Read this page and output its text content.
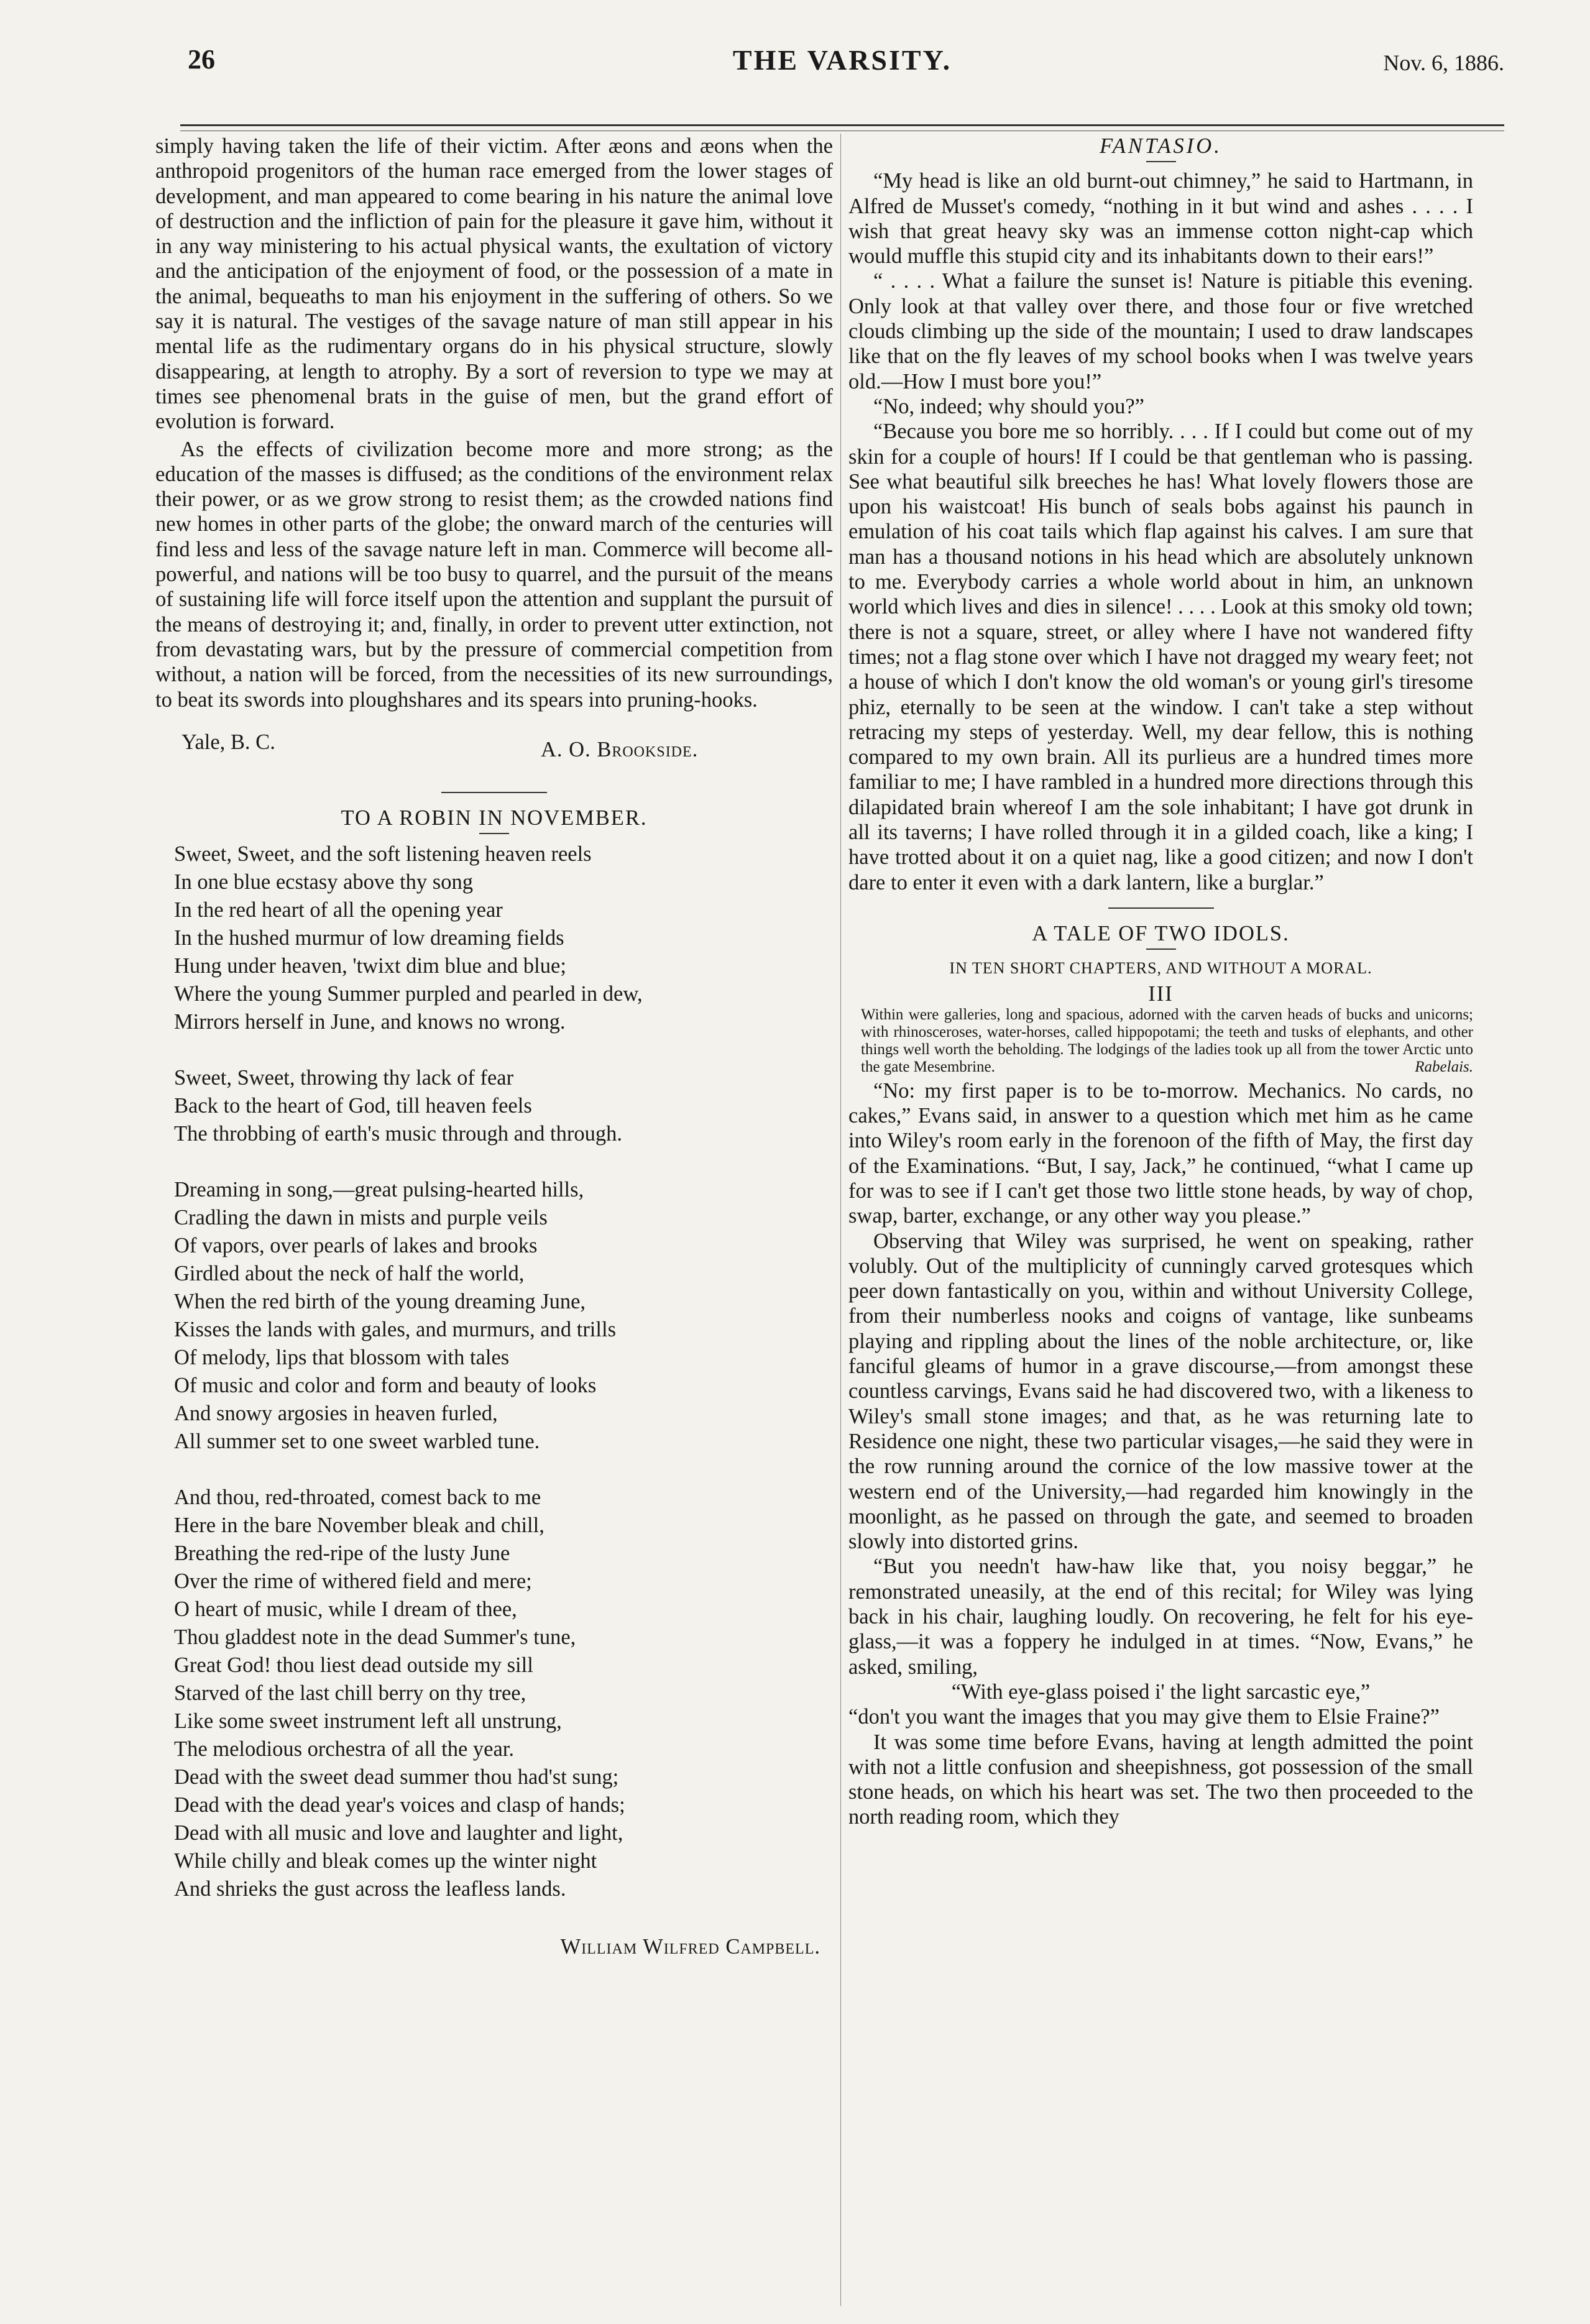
26	THE VARSITY.	Nov. 6, 1886.

simply having taken the life of their victim. After æons and æons when the anthropoid progenitors of the human race emerged from the lower stages of development, and man appeared to come bearing in his nature the animal love of destruction and the infliction of pain for the pleasure it gave him, without it in any way ministering to his actual physical wants, the exultation of victory and the anticipation of the enjoyment of food, or the possession of a mate in the animal, bequeaths to man his enjoyment in the suffering of others. So we say it is natural. The vestiges of the savage nature of man still appear in his mental life as the rudimentary organs do in his physical structure, slowly disappearing, at length to atrophy. By a sort of reversion to type we may at times see phenomenal brats in the guise of men, but the grand effort of evolution is forward.

As the effects of civilization become more and more strong; as the education of the masses is diffused; as the conditions of the environment relax their power, or as we grow strong to resist them; as the crowded nations find new homes in other parts of the globe; the onward march of the centuries will find less and less of the savage nature left in man. Commerce will become all-powerful, and nations will be too busy to quarrel, and the pursuit of the means of sustaining life will force itself upon the attention and supplant the pursuit of the means of destroying it; and, finally, in order to prevent utter extinction, not from devastating wars, but by the pressure of commercial competition from without, a nation will be forced, from the necessities of its new surroundings, to beat its swords into ploughshares and its spears into pruning-hooks.

Yale, B. C.	A. O. Brookside.
TO A ROBIN IN NOVEMBER.
Sweet, Sweet, and the soft listening heaven reels
In one blue ecstasy above thy song
In the red heart of all the opening year
In the hushed murmur of low dreaming fields
Hung under heaven, 'twixt dim blue and blue;
Where the young Summer purpled and pearled in dew,
Mirrors herself in June, and knows no wrong.
Sweet, Sweet, throwing thy lack of fear
Back to the heart of God, till heaven feels
The throbbing of earth's music through and through.
Dreaming in song,—great pulsing-hearted hills,
Cradling the dawn in mists and purple veils
Of vapors, over pearls of lakes and brooks
Girdled about the neck of half the world,
When the red birth of the young dreaming June,
Kisses the lands with gales, and murmurs, and trills
Of melody, lips that blossom with tales
Of music and color and form and beauty of looks
And snowy argosies in heaven furled,
All summer set to one sweet warbled tune.
And thou, red-throated, comest back to me
Here in the bare November bleak and chill,
Breathing the red-ripe of the lusty June
Over the rime of withered field and mere;
O heart of music, while I dream of thee,
Thou gladdest note in the dead Summer's tune,
Great God! thou liest dead outside my sill
Starved of the last chill berry on thy tree,
Like some sweet instrument left all unstrung,
The melodious orchestra of all the year.
Dead with the sweet dead summer thou had'st sung;
Dead with the dead year's voices and clasp of hands;
Dead with all music and love and laughter and light,
While chilly and bleak comes up the winter night
And shrieks the gust across the leafless lands.
William Wilfred Campbell.
FANTASIO.

“My head is like an old burnt-out chimney,” he said to Hartmann, in Alfred de Musset's comedy, “nothing in it but wind and ashes . . . . I wish that great heavy sky was an immense cotton night-cap which would muffle this stupid city and its inhabitants down to their ears!”

“ . . . . What a failure the sunset is! Nature is pitiable this evening. Only look at that valley over there, and those four or five wretched clouds climbing up the side of the mountain; I used to draw landscapes like that on the fly leaves of my school books when I was twelve years old.—How I must bore you!”

“No, indeed; why should you?”

“Because you bore me so horribly. . . . If I could but come out of my skin for a couple of hours! If I could be that gentleman who is passing. See what beautiful silk breeches he has! What lovely flowers those are upon his waistcoat! His bunch of seals bobs against his paunch in emulation of his coat tails which flap against his calves. I am sure that man has a thousand notions in his head which are absolutely unknown to me. Everybody carries a whole world about in him, an unknown world which lives and dies in silence! . . . . Look at this smoky old town; there is not a square, street, or alley where I have not wandered fifty times; not a flag stone over which I have not dragged my weary feet; not a house of which I don't know the old woman's or young girl's tiresome phiz, eternally to be seen at the window. I can't take a step without retracing my steps of yesterday. Well, my dear fellow, this is nothing compared to my own brain. All its purlieus are a hundred times more familiar to me; I have rambled in a hundred more directions through this dilapidated brain whereof I am the sole inhabitant; I have got drunk in all its taverns; I have rolled through it in a gilded coach, like a king; I have trotted about it on a quiet nag, like a good citizen; and now I don't dare to enter it even with a dark lantern, like a burglar.”

A TALE OF TWO IDOLS.
IN TEN SHORT CHAPTERS, AND WITHOUT A MORAL.
III

Within were galleries, long and spacious, adorned with the carven heads of bucks and unicorns; with rhinosceroses, water-horses, called hippopotami; the teeth and tusks of elephants, and other things well worth the beholding. The lodgings of the ladies took up all from the tower Arctic unto the gate Mesembrine.	Rabelais.

“No: my first paper is to be to-morrow. Mechanics. No cards, no cakes,” Evans said, in answer to a question which met him as he came into Wiley's room early in the forenoon of the fifth of May, the first day of the Examinations. “But, I say, Jack,” he continued, “what I came up for was to see if I can't get those two little stone heads, by way of chop, swap, barter, exchange, or any other way you please.”

Observing that Wiley was surprised, he went on speaking, rather volubly. Out of the multiplicity of cunningly carved grotesques which peer down fantastically on you, within and without University College, from their numberless nooks and coigns of vantage, like sunbeams playing and rippling about the lines of the noble architecture, or, like fanciful gleams of humor in a grave discourse,—from amongst these countless carvings, Evans said he had discovered two, with a likeness to Wiley's small stone images; and that, as he was returning late to Residence one night, these two particular visages,—he said they were in the row running around the cornice of the low massive tower at the western end of the University,—had regarded him knowingly in the moonlight, as he passed on through the gate, and seemed to broaden slowly into distorted grins.

“But you needn't haw-haw like that, you noisy beggar,” he remonstrated uneasily, at the end of this recital; for Wiley was lying back in his chair, laughing loudly. On recovering, he felt for his eye-glass,—it was a foppery he indulged in at times. “Now, Evans,” he asked, smiling,

“With eye-glass poised i' the light sarcastic eye,”

“don't you want the images that you may give them to Elsie Fraine?”

It was some time before Evans, having at length admitted the point with not a little confusion and sheepishness, got possession of the small stone heads, on which his heart was set. The two then proceeded to the north reading room, which they
